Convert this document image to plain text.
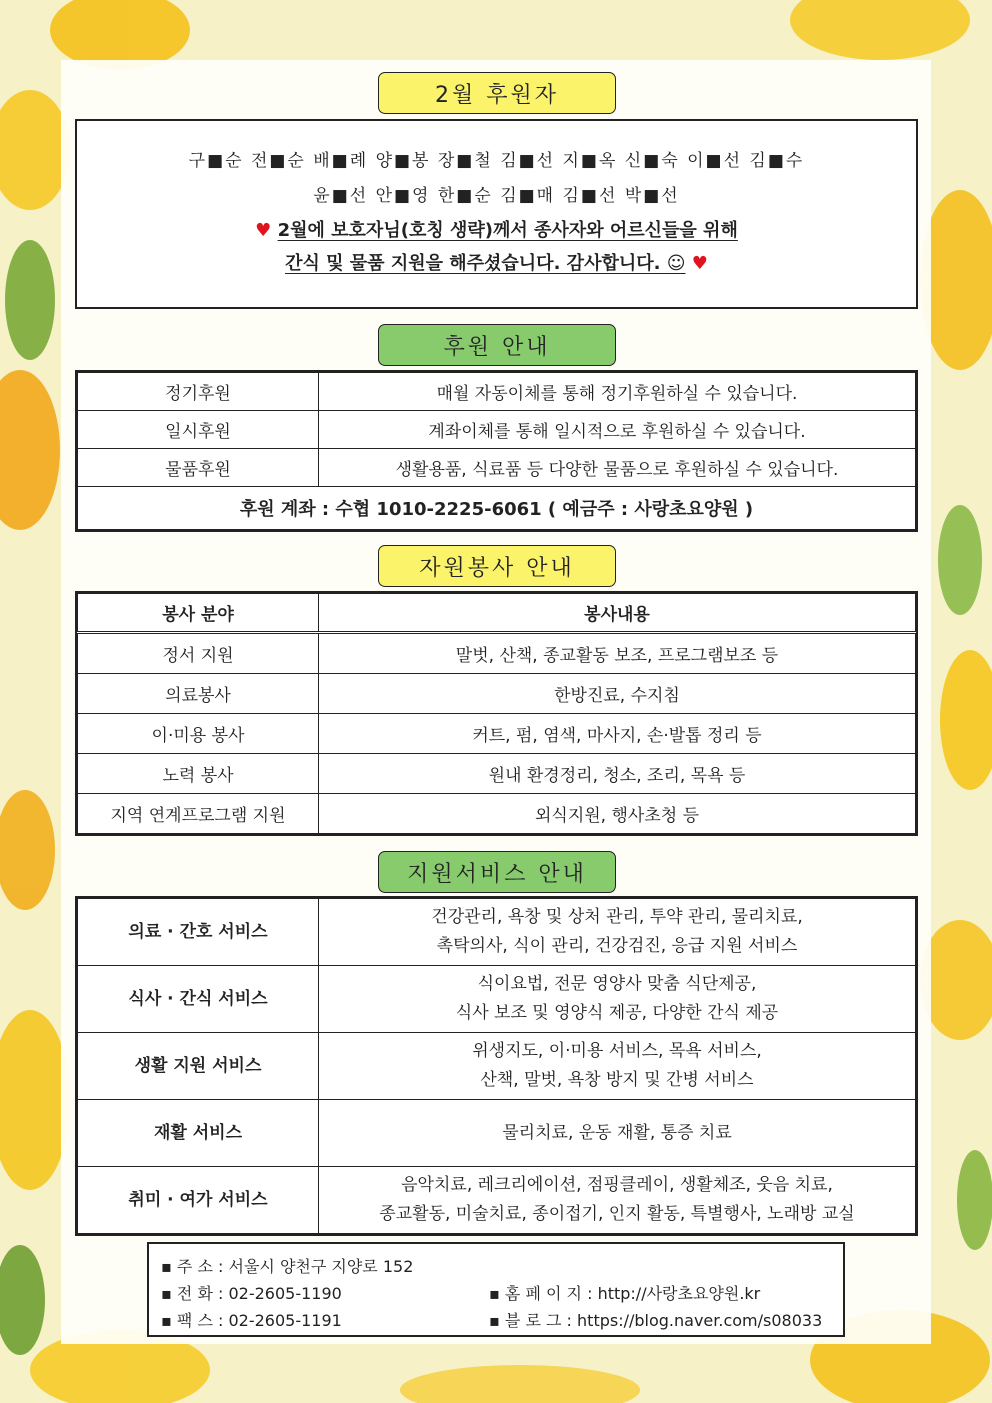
2월 후원자
구■순 전■순 배■례 양■봉 장■철 김■선 지■옥 신■숙 이■선 김■수
윤■선 안■영 한■순 김■매 김■선 박■선
♥ 2월에 보호자님(호칭 생략)께서 종사자와 어르신들을 위해
간식 및 물품 지원을 해주셨습니다. 감사합니다. ☺ ♥
후원 안내
정기후원	매월 자동이체를 통해 정기후원하실 수 있습니다.
일시후원	계좌이체를 통해 일시적으로 후원하실 수 있습니다.
물품후원	생활용품, 식료품 등 다양한 물품으로 후원하실 수 있습니다.
후원 계좌 : 수협 1010-2225-6061 ( 예금주 : 사랑초요양원 )	
자원봉사 안내
봉사 분야	봉사내용
정서 지원	말벗, 산책, 종교활동 보조, 프로그램보조 등
의료봉사	한방진료, 수지침
이·미용 봉사	커트, 펌, 염색, 마사지, 손·발톱 정리 등
노력 봉사	원내 환경정리, 청소, 조리, 목욕 등
지역 연계프로그램 지원	외식지원, 행사초청 등
지원서비스 안내
의료 · 간호 서비스	건강관리, 욕창 및 상처 관리, 투약 관리, 물리치료,
촉탁의사, 식이 관리, 건강검진, 응급 지원 서비스

식사 · 간식 서비스	식이요법, 전문 영양사 맞춤 식단제공,
식사 보조 및 영양식 제공, 다양한 간식 제공

생활 지원 서비스	위생지도, 이·미용 서비스, 목욕 서비스,
산책, 말벗, 욕창 방지 및 간병 서비스

재활 서비스	물리치료, 운동 재활, 통증 치료

취미 · 여가 서비스	음악치료, 레크리에이션, 점핑클레이, 생활체조, 웃음 치료,
종교활동, 미술치료, 종이접기, 인지 활동, 특별행사, 노래방 교실
▪ 주 소 : 서울시 양천구 지양로 152
▪ 전 화 : 02-2605-1190	▪ 홈 페 이 지 : http://사랑초요양원.kr
▪ 팩 스 : 02-2605-1191	▪ 블 로 그 : https://blog.naver.com/s08033
